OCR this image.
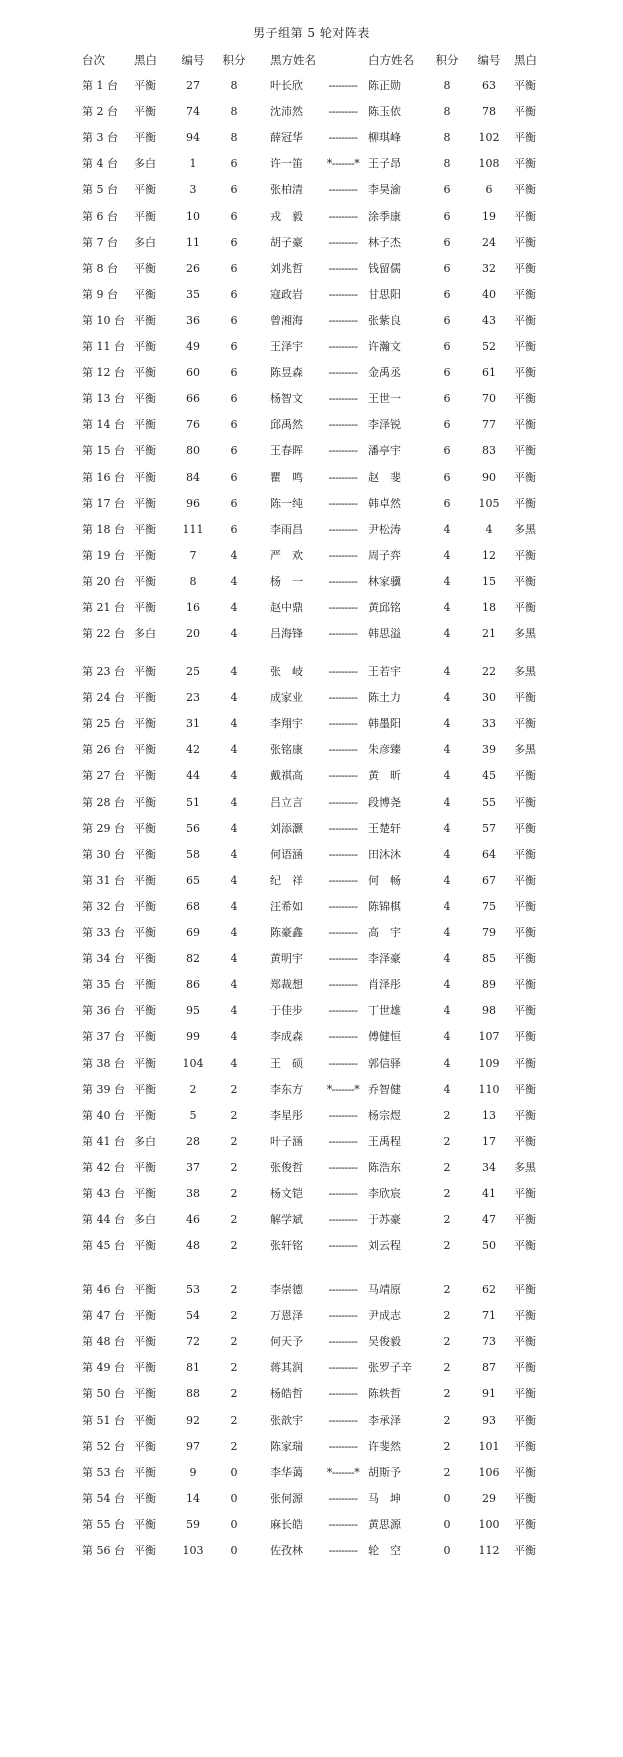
男子组第 5 轮对阵表
台次	黑白	编号	积分 黑方姓名	白方姓名	积分	编号	黑白
第 1 台 平衡	27	8	叶长欣	--------- 陈正勋	8	63	平衡
第 2 台 平衡	74	8	沈沛然	--------- 陈玉依	8	78	平衡
第 3 台 平衡	94	8	薛冠华	--------- 柳琪峰	8	102	平衡
第 4 台 多白	1	6	许一笛	*-------* 王子昂	8	108	平衡
第 5 台 平衡	3	6	张柏清	--------- 李昊渝	6	6	平衡
第 6 台 平衡	10	6	戎　毅	--------- 涂季康	6	19	平衡
第 7 台 多白	11	6	胡子豪	--------- 林子杰	6	24	平衡
第 8 台 平衡	26	6	刘兆哲	--------- 钱留儒	6	32	平衡
第 9 台 平衡	35	6	寇政岩	--------- 甘思阳	6	40	平衡
第 10 台 平衡	36	6	曾湘海	--------- 张紫良	6	43	平衡
第 11 台 平衡	49	6	王泽宇	--------- 许瀚文	6	52	平衡
第 12 台 平衡	60	6	陈昱森	--------- 金禹丞	6	61	平衡
第 13 台 平衡	66	6	杨智文	--------- 王世一	6	70	平衡
第 14 台 平衡	76	6	邱禹然	--------- 李泽锐	6	77	平衡
第 15 台 平衡	80	6	王春晖	--------- 潘亭宇	6	83	平衡
第 16 台 平衡	84	6	瞿　鸣	--------- 赵　斐	6	90	平衡
第 17 台 平衡	96	6	陈一纯	--------- 韩卓然	6	105	平衡
第 18 台 平衡	111	6	李雨昌	--------- 尹松涛	4	4	多黑
第 19 台 平衡	7	4	严　欢	--------- 周子弈	4	12	平衡
第 20 台 平衡	8	4	杨　一	--------- 林家骥	4	15	平衡
第 21 台 平衡	16	4	赵中鼎	--------- 黄邱铭	4	18	平衡
第 22 台 多白	20	4	吕海锋	--------- 韩思溢	4	21	多黑
第 23 台 平衡	25	4	张　岐	--------- 王若宇	4	22	多黑
第 24 台 平衡	23	4	成家业	--------- 陈土力	4	30	平衡
第 25 台 平衡	31	4	李翔宇	--------- 韩墨阳	4	33	平衡
第 26 台 平衡	42	4	张铭康	--------- 朱彦臻	4	39	多黑
第 27 台 平衡	44	4	戴祺高	--------- 黄　昕	4	45	平衡
第 28 台 平衡	51	4	吕立言	--------- 段博尧	4	55	平衡
第 29 台 平衡	56	4	刘添灏	--------- 王楚轩	4	57	平衡
第 30 台 平衡	58	4	何语涵	--------- 田沐沐	4	64	平衡
第 31 台 平衡	65	4	纪　祥	--------- 何　畅	4	67	平衡
第 32 台 平衡	68	4	汪希如	--------- 陈锦棋	4	75	平衡
第 33 台 平衡	69	4	陈豪鑫	--------- 高　宇	4	79	平衡
第 34 台 平衡	82	4	黄明宇	--------- 李泽豪	4	85	平衡
第 35 台 平衡	86	4	郑裁想	--------- 肖泽彤	4	89	平衡
第 36 台 平衡	95	4	于佳步	--------- 丁世雄	4	98	平衡
第 37 台 平衡	99	4	李成森	--------- 傅健恒	4	107	平衡
第 38 台 平衡	104	4	王　硕	--------- 郭信驿	4	109	平衡
第 39 台 平衡	2	2	李东方	*-------* 乔智健	4	110	平衡
第 40 台 平衡	5	2	李星彤	--------- 杨宗煜	2	13	平衡
第 41 台 多白	28	2	叶子涵	--------- 王禹程	2	17	平衡
第 42 台 平衡	37	2	张俊哲	--------- 陈浩东	2	34	多黑
第 43 台 平衡	38	2	杨文铠	--------- 李欣宸	2	41	平衡
第 44 台 多白	46	2	解学斌	--------- 于苏豪	2	47	平衡
第 45 台 平衡	48	2	张轩铭	--------- 刘云程	2	50	平衡
第 46 台 平衡	53	2	李崇德	--------- 马靖原	2	62	平衡
第 47 台 平衡	54	2	万恩泽	--------- 尹成志	2	71	平衡
第 48 台 平衡	72	2	何天予	--------- 吴俊毅	2	73	平衡
第 49 台 平衡	81	2	蒋其润	--------- 张罗子辛	2	87	平衡
第 50 台 平衡	88	2	杨皓哲	--------- 陈轶哲	2	91	平衡
第 51 台 平衡	92	2	张歆宇	--------- 李承泽	2	93	平衡
第 52 台 平衡	97	2	陈家瑞	--------- 许斐然	2	101	平衡
第 53 台 平衡	9	0	李华蔼	*-------* 胡斯予	2	106	平衡
第 54 台 平衡	14	0	张何源	--------- 马　坤	0	29	平衡
第 55 台 平衡	59	0	麻长皓	--------- 黄思源	0	100	平衡
第 56 台 平衡	103	0	佐孜林	--------- 轮　空	0	112	平衡
